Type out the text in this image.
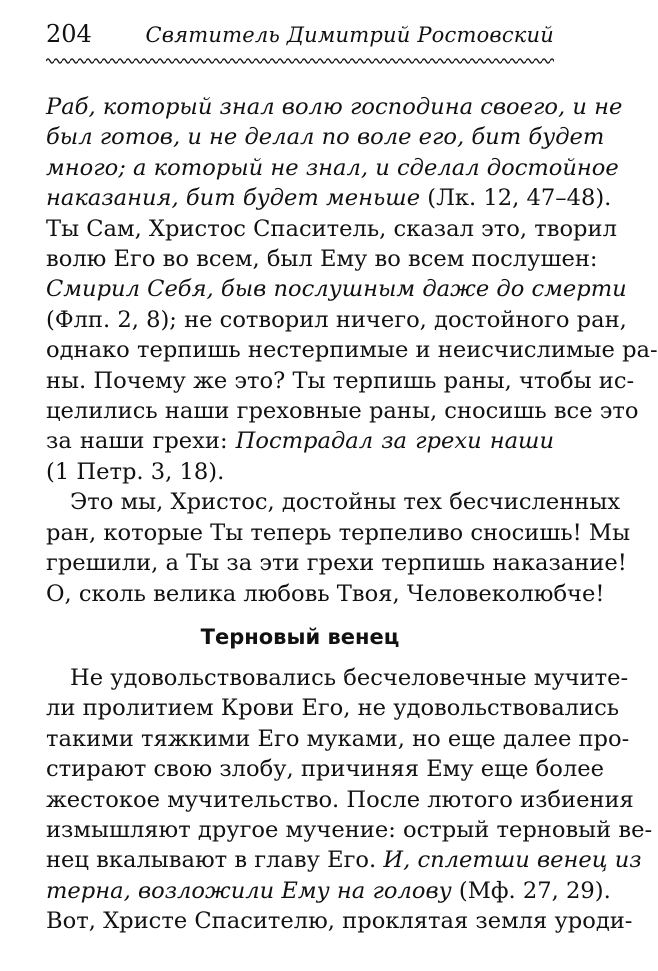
204	Святитель Димитрий Ростовский
Раб, который знал волю господина своего, и не
был готов, и не делал по воле его, бит будет
много; а который не знал, и сделал достойное
наказания, бит будет меньше (Лк. 12, 47–48).
Ты Сам, Христос Спаситель, сказал это, творил
волю Его во всем, был Ему во всем послушен:
Смирил Себя, быв послушным даже до смерти
(Флп. 2, 8); не сотворил ничего, достойного ран,
однако терпишь нестерпимые и неисчислимые ра-
ны. Почему же это? Ты терпишь раны, чтобы ис-
целились наши греховные раны, сносишь все это
за наши грехи: Пострадал за грехи наши
(1 Петр. 3, 18).
Это мы, Христос, достойны тех бесчисленных
ран, которые Ты теперь терпеливо сносишь! Мы
грешили, а Ты за эти грехи терпишь наказание!
О, сколь велика любовь Твоя, Человеколюбче!
Терновый венец
Не удовольствовались бесчеловечные мучите-
ли пролитием Крови Его, не удовольствовались
такими тяжкими Его муками, но еще далее про-
стирают свою злобу, причиняя Ему еще более
жестокое мучительство. После лютого избиения
измышляют другое мучение: острый терновый ве-
нец вкалывают в главу Его. И, сплетши венец из
терна, возложили Ему на голову (Мф. 27, 29).
Вот, Христе Спасителю, проклятая земля уроди-
